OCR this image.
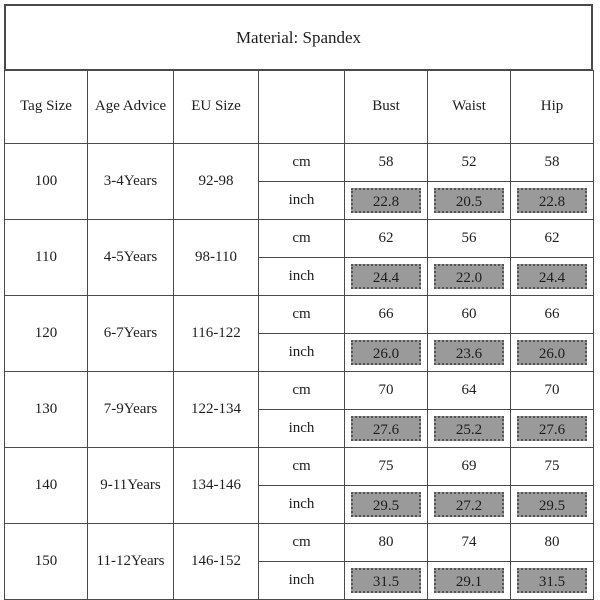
Material: Spandex
Tag Size	Age Advice	EU Size		Bust	Waist	Hip
100	3-4Years	92-98	cm	58	52	58
			inch	22.8	20.5	22.8
110	4-5Years	98-110	cm	62	56	62
			inch	24.4	22.0	24.4
120	6-7Years	116-122	cm	66	60	66
			inch	26.0	23.6	26.0
130	7-9Years	122-134	cm	70	64	70
			inch	27.6	25.2	27.6
140	9-11Years	134-146	cm	75	69	75
			inch	29.5	27.2	29.5
150	11-12Years	146-152	cm	80	74	80
			inch	31.5	29.1	31.5
